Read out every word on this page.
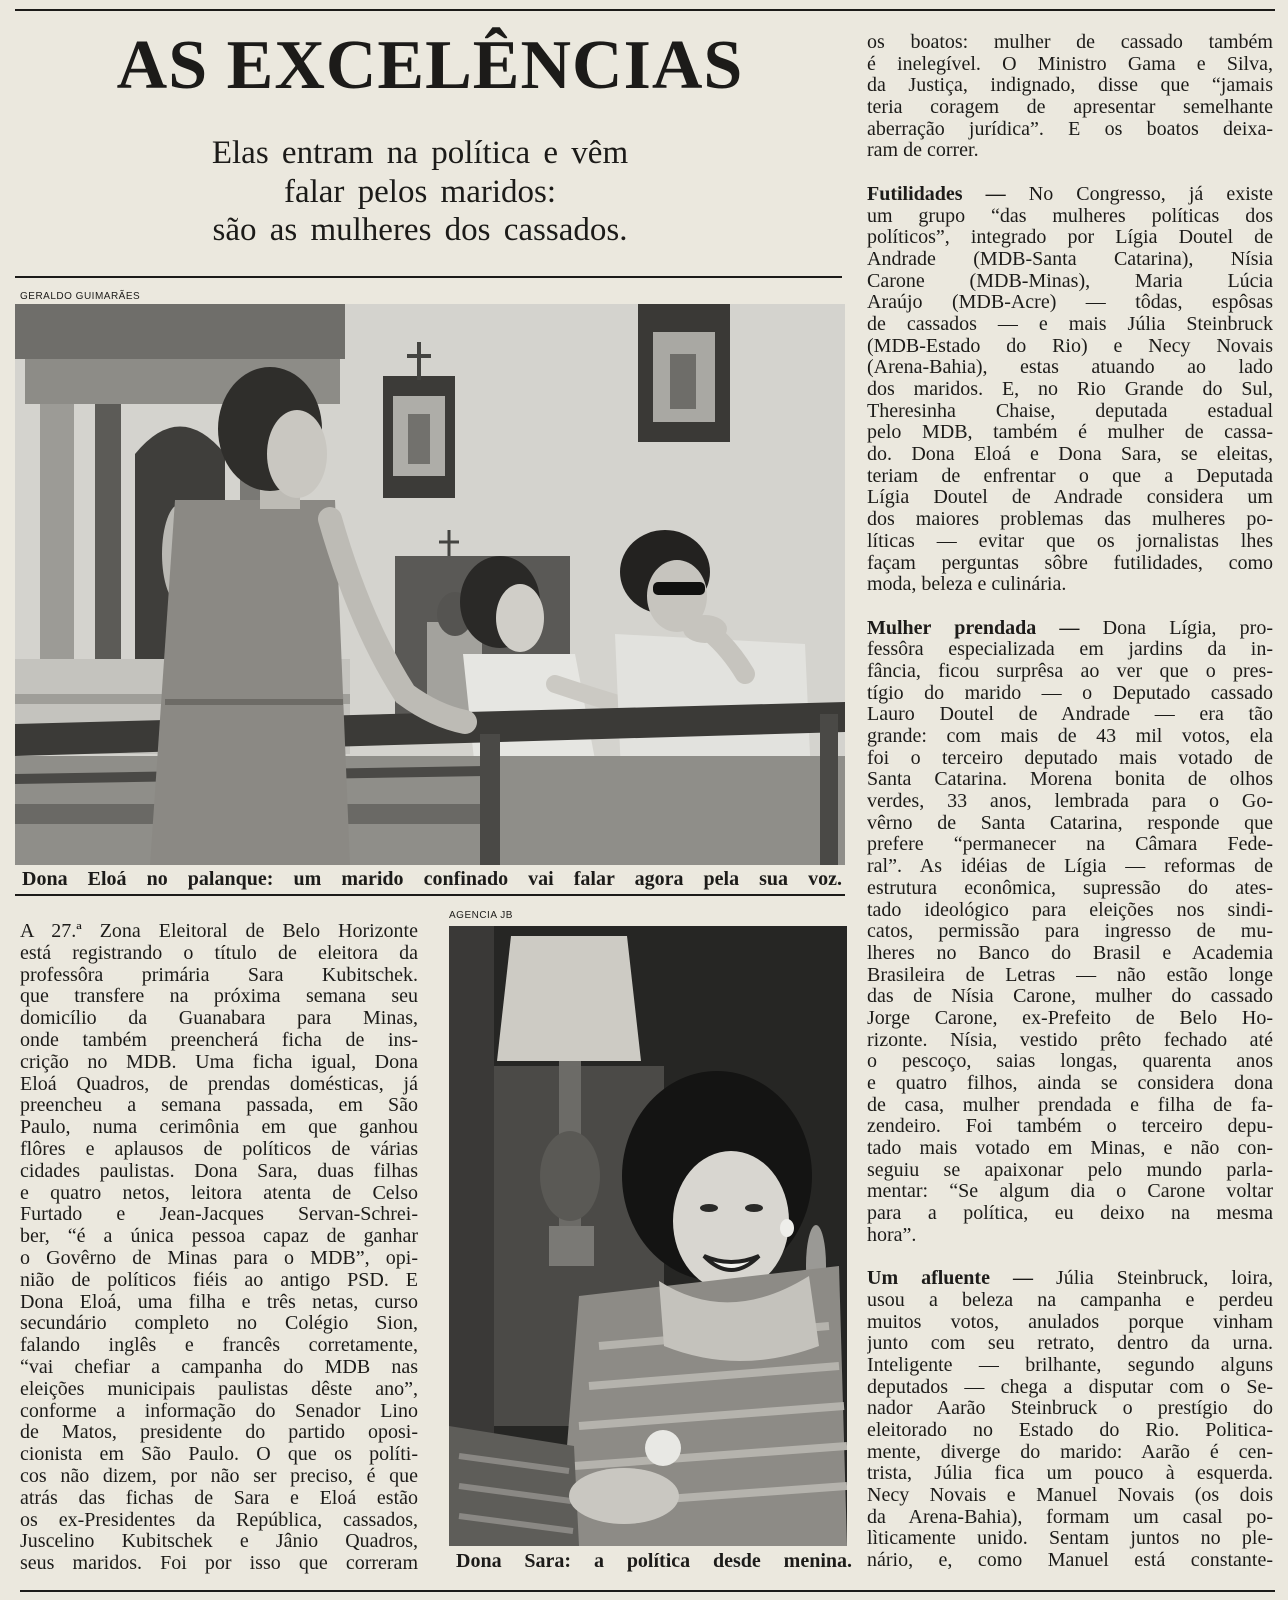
AS EXCELÊNCIAS
Elas entram na política e vêm
falar pelos maridos:
são as mulheres dos cassados.
GERALDO GUIMARÃES
Dona Eloá no palanque: um marido confinado vai falar agora pela sua voz.
A 27.ª Zona Eleitoral de Belo Horizonte
está registrando o título de eleitora da
professôra primária Sara Kubitschek.
que transfere na próxima semana seu
domicílio da Guanabara para Minas,
onde também preencherá ficha de ins-
crição no MDB. Uma ficha igual, Dona
Eloá Quadros, de prendas domésticas, já
preencheu a semana passada, em São
Paulo, numa cerimônia em que ganhou
flôres e aplausos de políticos de várias
cidades paulistas. Dona Sara, duas filhas
e quatro netos, leitora atenta de Celso
Furtado e Jean-Jacques Servan-Schrei-
ber, “é a única pessoa capaz de ganhar
o Govêrno de Minas para o MDB”, opi-
nião de políticos fiéis ao antigo PSD. E
Dona Eloá, uma filha e três netas, curso
secundário completo no Colégio Sion,
falando inglês e francês corretamente,
“vai chefiar a campanha do MDB nas
eleições municipais paulistas dêste ano”,
conforme a informação do Senador Lino
de Matos, presidente do partido oposi-
cionista em São Paulo. O que os políti-
cos não dizem, por não ser preciso, é que
atrás das fichas de Sara e Eloá estão
os ex-Presidentes da República, cassados,
Juscelino Kubitschek e Jânio Quadros,
seus maridos. Foi por isso que correram
AGENCIA JB
Dona Sara: a política desde menina.
os boatos: mulher de cassado também
é inelegível. O Ministro Gama e Silva,
da Justiça, indignado, disse que “jamais
teria coragem de apresentar semelhante
aberração jurídica”. E os boatos deixa-
ram de correr.
Futilidades — No Congresso, já existe
um grupo “das mulheres políticas dos
políticos”, integrado por Lígia Doutel de
Andrade (MDB-Santa Catarina), Nísia
Carone (MDB-Minas), Maria Lúcia
Araújo (MDB-Acre) — tôdas, espôsas
de cassados — e mais Júlia Steinbruck
(MDB-Estado do Rio) e Necy Novais
(Arena-Bahia), estas atuando ao lado
dos maridos. E, no Rio Grande do Sul,
Theresinha Chaise, deputada estadual
pelo MDB, também é mulher de cassa-
do. Dona Eloá e Dona Sara, se eleitas,
teriam de enfrentar o que a Deputada
Lígia Doutel de Andrade considera um
dos maiores problemas das mulheres po-
líticas — evitar que os jornalistas lhes
façam perguntas sôbre futilidades, como
moda, beleza e culinária.
Mulher prendada — Dona Lígia, pro-
fessôra especializada em jardins da in-
fância, ficou surprêsa ao ver que o pres-
tígio do marido — o Deputado cassado
Lauro Doutel de Andrade — era tão
grande: com mais de 43 mil votos, ela
foi o terceiro deputado mais votado de
Santa Catarina. Morena bonita de olhos
verdes, 33 anos, lembrada para o Go-
vêrno de Santa Catarina, responde que
prefere “permanecer na Câmara Fede-
ral”. As idéias de Lígia — reformas de
estrutura econômica, supressão do ates-
tado ideológico para eleições nos sindi-
catos, permissão para ingresso de mu-
lheres no Banco do Brasil e Academia
Brasileira de Letras — não estão longe
das de Nísia Carone, mulher do cassado
Jorge Carone, ex-Prefeito de Belo Ho-
rizonte. Nísia, vestido prêto fechado até
o pescoço, saias longas, quarenta anos
e quatro filhos, ainda se considera dona
de casa, mulher prendada e filha de fa-
zendeiro. Foi também o terceiro depu-
tado mais votado em Minas, e não con-
seguiu se apaixonar pelo mundo parla-
mentar: “Se algum dia o Carone voltar
para a política, eu deixo na mesma
hora”.
Um afluente — Júlia Steinbruck, loira,
usou a beleza na campanha e perdeu
muitos votos, anulados porque vinham
junto com seu retrato, dentro da urna.
Inteligente — brilhante, segundo alguns
deputados — chega a disputar com o Se-
nador Aarão Steinbruck o prestígio do
eleitorado no Estado do Rio. Politica-
mente, diverge do marido: Aarão é cen-
trista, Júlia fica um pouco à esquerda.
Necy Novais e Manuel Novais (os dois
da Arena-Bahia), formam um casal po-
lìticamente unido. Sentam juntos no ple-
nário, e, como Manuel está constante-
